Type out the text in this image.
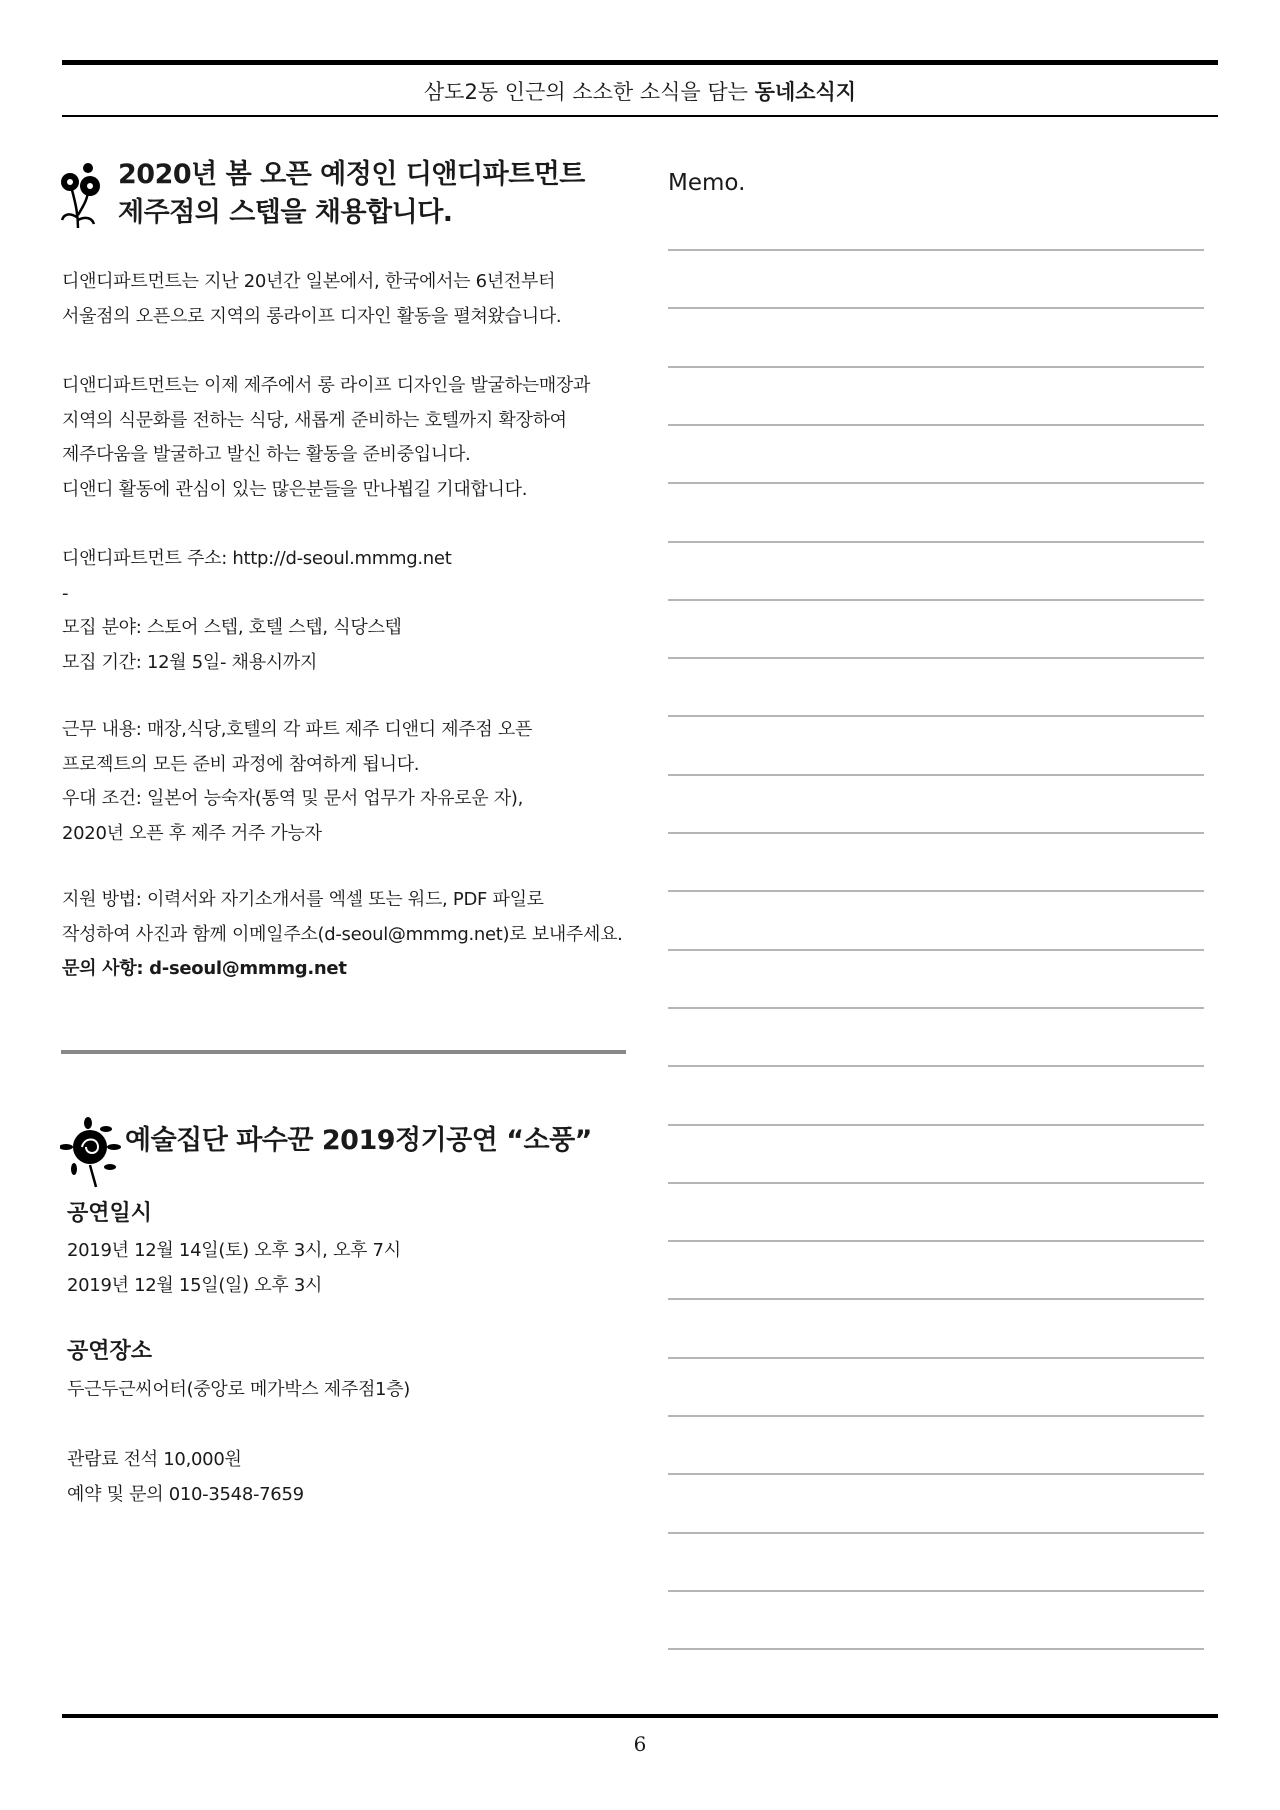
삼도2동 인근의 소소한 소식을 담는 동네소식지
2020년 봄 오픈 예정인 디앤디파트먼트
제주점의 스텝을 채용합니다.
디앤디파트먼트는 지난 20년간 일본에서, 한국에서는 6년전부터
서울점의 오픈으로 지역의 롱라이프 디자인 활동을 펼쳐왔습니다.
디앤디파트먼트는 이제 제주에서 롱 라이프 디자인을 발굴하는매장과
지역의 식문화를 전하는 식당, 새롭게 준비하는 호텔까지 확장하여
제주다움을 발굴하고 발신 하는 활동을 준비중입니다.
디앤디 활동에 관심이 있는 많은분들을 만나뵙길 기대합니다.
디앤디파트먼트 주소: http://d-seoul.mmmg.net
-
모집 분야: 스토어 스텝, 호텔 스텝, 식당스텝
모집 기간: 12월 5일- 채용시까지
근무 내용: 매장,식당,호텔의 각 파트 제주 디앤디 제주점 오픈
프로젝트의 모든 준비 과정에 참여하게 됩니다.
우대 조건: 일본어 능숙자(통역 및 문서 업무가 자유로운 자),
2020년 오픈 후 제주 거주 가능자
지원 방법: 이력서와 자기소개서를 엑셀 또는 워드, PDF 파일로
작성하여 사진과 함께 이메일주소(d-seoul@mmmg.net)로 보내주세요.
문의 사항: d-seoul@mmmg.net
예술집단 파수꾼 2019정기공연 “소풍”
공연일시
2019년 12월 14일(토) 오후 3시, 오후 7시
2019년 12월 15일(일) 오후 3시
공연장소
두근두근씨어터(중앙로 메가박스 제주점1층)
관람료 전석 10,000원
예약 및 문의 010-3548-7659
Memo.
6
